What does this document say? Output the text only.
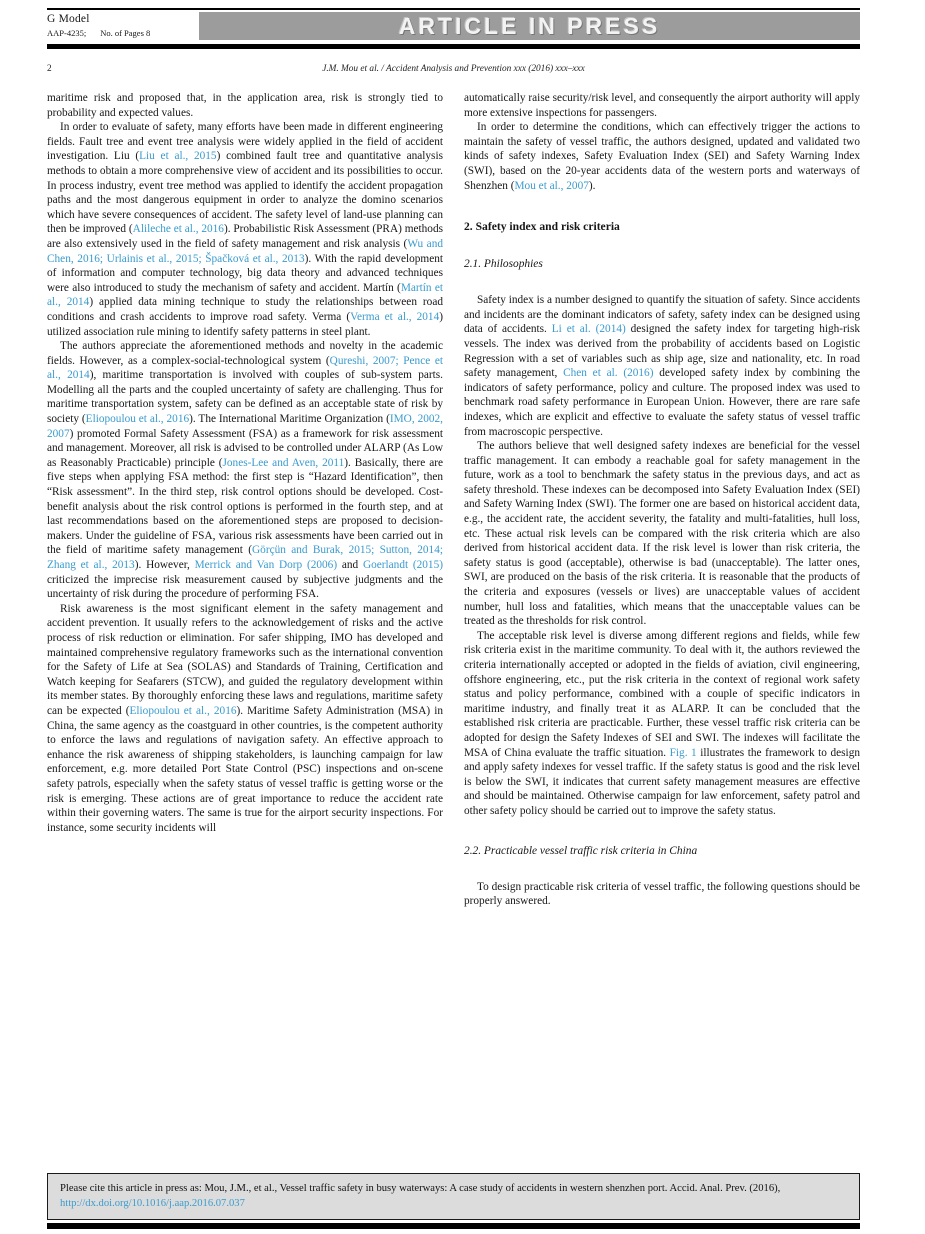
G Model
AAP-4235; No. of Pages 8	ARTICLE IN PRESS
2	J.M. Mou et al. / Accident Analysis and Prevention xxx (2016) xxx–xxx

maritime risk and proposed that, in the application area, risk is strongly tied to probability and expected values.

In order to evaluate of safety, many efforts have been made in different engineering fields. Fault tree and event tree analysis were widely applied in the field of accident investigation. Liu (Liu et al., 2015) combined fault tree and quantitative analysis methods to obtain a more comprehensive view of accident and its possibilities to occur. In process industry, event tree method was applied to identify the accident propagation paths and the most dangerous equipment in order to analyze the domino scenarios which have severe consequences of accident. The safety level of land-use planning can then be improved (Alileche et al., 2016). Probabilistic Risk Assessment (PRA) methods are also extensively used in the field of safety management and risk analysis (Wu and Chen, 2016; Urlainis et al., 2015; Špačková et al., 2013). With the rapid development of information and computer technology, big data theory and advanced techniques were also introduced to study the mechanism of safety and accident. Martín (Martín et al., 2014) applied data mining technique to study the relationships between road conditions and crash accidents to improve road safety. Verma (Verma et al., 2014) utilized association rule mining to identify safety patterns in steel plant.

The authors appreciate the aforementioned methods and novelty in the academic fields. However, as a complex-social-technological system (Qureshi, 2007; Pence et al., 2014), maritime transportation is involved with couples of sub-system parts. Modelling all the parts and the coupled uncertainty of safety are challenging. Thus for maritime transportation system, safety can be defined as an acceptable state of risk by society (Eliopoulou et al., 2016). The International Maritime Organization (IMO, 2002, 2007) promoted Formal Safety Assessment (FSA) as a framework for risk assessment and management. Moreover, all risk is advised to be controlled under ALARP (As Low as Reasonably Practicable) principle (Jones-Lee and Aven, 2011). Basically, there are five steps when applying FSA method: the first step is “Hazard Identification”, then “Risk assessment”. In the third step, risk control options should be developed. Cost-benefit analysis about the risk control options is performed in the fourth step, and at last recommendations based on the aforementioned steps are proposed to decision-makers. Under the guideline of FSA, various risk assessments have been carried out in the field of maritime safety management (Görçün and Burak, 2015; Sutton, 2014; Zhang et al., 2013). However, Merrick and Van Dorp (2006) and Goerlandt (2015) criticized the imprecise risk measurement caused by subjective judgments and the uncertainty of risk during the procedure of performing FSA.

Risk awareness is the most significant element in the safety management and accident prevention. It usually refers to the acknowledgement of risks and the active process of risk reduction or elimination. For safer shipping, IMO has developed and maintained comprehensive regulatory frameworks such as the international convention for the Safety of Life at Sea (SOLAS) and Standards of Training, Certification and Watch keeping for Seafarers (STCW), and guided the regulatory development within its member states. By thoroughly enforcing these laws and regulations, maritime safety can be expected (Eliopoulou et al., 2016). Maritime Safety Administration (MSA) in China, the same agency as the coastguard in other countries, is the competent authority to enforce the laws and regulations of navigation safety. An effective approach to enhance the risk awareness of shipping stakeholders, is launching campaign for law enforcement, e.g. more detailed Port State Control (PSC) inspections and on-scene safety patrols, especially when the safety status of vessel traffic is getting worse or the risk is emerging. These actions are of great importance to reduce the accident rate within their governing waters. The same is true for the airport security inspections. For instance, some security incidents will

automatically raise security/risk level, and consequently the airport authority will apply more extensive inspections for passengers.

In order to determine the conditions, which can effectively trigger the actions to maintain the safety of vessel traffic, the authors designed, updated and validated two kinds of safety indexes, Safety Evaluation Index (SEI) and Safety Warning Index (SWI), based on the 20-year accidents data of the western ports and waterways of Shenzhen (Mou et al., 2007).

2. Safety index and risk criteria
2.1. Philosophies

Safety index is a number designed to quantify the situation of safety. Since accidents and incidents are the dominant indicators of safety, safety index can be designed using data of accidents. Li et al. (2014) designed the safety index for targeting high-risk vessels. The index was derived from the probability of accidents based on Logistic Regression with a set of variables such as ship age, size and nationality, etc. In road safety management, Chen et al. (2016) developed safety index by combining the indicators of safety performance, policy and culture. The proposed index was used to benchmark road safety performance in European Union. However, there are rare safe indexes, which are explicit and effective to evaluate the safety status of vessel traffic from macroscopic perspective.

The authors believe that well designed safety indexes are beneficial for the vessel traffic management. It can embody a reachable goal for safety management in the future, work as a tool to benchmark the safety status in the previous days, and act as safety threshold. These indexes can be decomposed into Safety Evaluation Index (SEI) and Safety Warning Index (SWI). The former one are based on historical accident data, e.g., the accident rate, the accident severity, the fatality and multi-fatalities, hull loss, etc. These actual risk levels can be compared with the risk criteria which are also derived from historical accident data. If the risk level is lower than risk criteria, the safety status is good (acceptable), otherwise is bad (unacceptable). The latter ones, SWI, are produced on the basis of the risk criteria. It is reasonable that the products of the criteria and exposures (vessels or lives) are unacceptable values of accident number, hull loss and fatalities, which means that the unacceptable values can be treated as the thresholds for risk control.

The acceptable risk level is diverse among different regions and fields, while few risk criteria exist in the maritime community. To deal with it, the authors reviewed the criteria internationally accepted or adopted in the fields of aviation, civil engineering, offshore engineering, etc., put the risk criteria in the context of regional work safety status and policy performance, combined with a couple of specific indicators in maritime industry, and finally treat it as ALARP. It can be concluded that the established risk criteria are practicable. Further, these vessel traffic risk criteria can be adopted for design the Safety Indexes of SEI and SWI. The indexes will facilitate the MSA of China evaluate the traffic situation. Fig. 1 illustrates the framework to design and apply safety indexes for vessel traffic. If the safety status is good and the risk level is below the SWI, it indicates that current safety management measures are effective and should be maintained. Otherwise campaign for law enforcement, safety patrol and other safety policy should be carried out to improve the safety status.

2.2. Practicable vessel traffic risk criteria in China

To design practicable risk criteria of vessel traffic, the following questions should be properly answered.

Please cite this article in press as: Mou, J.M., et al., Vessel traffic safety in busy waterways: A case study of accidents in western shenzhen port. Accid. Anal. Prev. (2016), http://dx.doi.org/10.1016/j.aap.2016.07.037
